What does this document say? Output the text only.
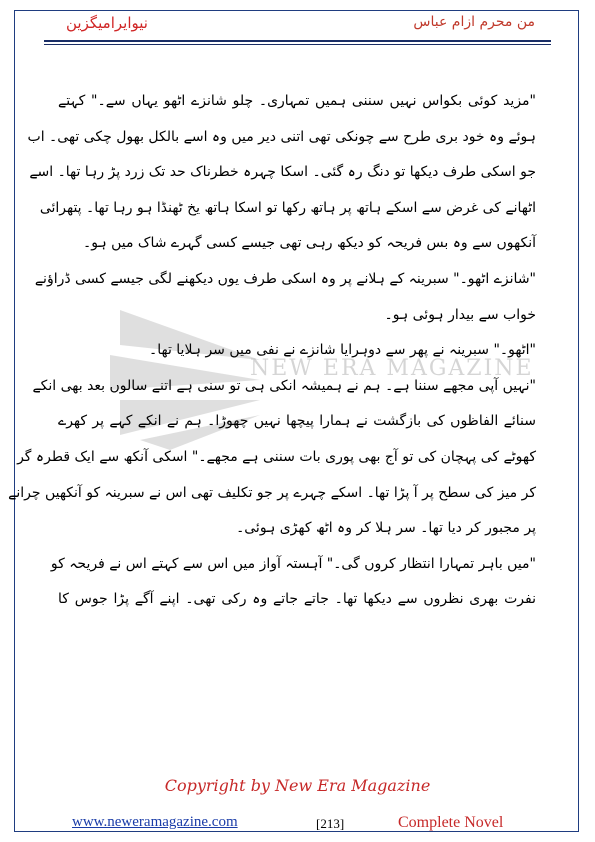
نیوایرامیگزین	من محرم ازام عباس
NEW ERA MAGAZINE
"مزید کوئی بکواس نہیں سننی ہمیں تمہاری۔ چلو شانزے اٹھو یہاں سے۔" کہتے
ہوئے وہ خود بری طرح سے چونکی تھی اتنی دیر میں وہ اسے بالکل بھول چکی تھی۔ اب
جو اسکی طرف دیکھا تو دنگ رہ گئی۔ اسکا چہرہ خطرناک حد تک زرد پڑ رہا تھا۔ اسے
اٹھانے کی غرض سے اسکے ہاتھ پر ہاتھ رکھا تو اسکا ہاتھ یخ ٹھنڈا ہو رہا تھا۔ پتھرائی
آنکھوں سے وہ بس فریحہ کو دیکھ رہی تھی جیسے کسی گہرے شاک میں ہو۔
"شانزے اٹھو۔" سبرینہ کے ہلانے پر وہ اسکی طرف یوں دیکھنے لگی جیسے کسی ڈراؤنے
خواب سے بیدار ہوئی ہو۔
"اٹھو۔" سبرینہ نے پھر سے دوہرایا شانزے نے نفی میں سر ہلایا تھا۔
"نہیں آپی مجھے سننا ہے۔ ہم نے ہمیشہ انکی ہی تو سنی ہے اتنے سالوں بعد بھی انکے
سنائے الفاظوں کی بازگشت نے ہمارا پیچھا نہیں چھوڑا۔ ہم نے انکے کہے پر کھرے
کھوٹے کی پہچان کی تو آج بھی پوری بات سننی ہے مجھے۔" اسکی آنکھ سے ایک قطرہ گر
کر میز کی سطح پر آ پڑا تھا۔ اسکے چہرے پر جو تکلیف تھی اس نے سبرینہ کو آنکھیں چرانے
پر مجبور کر دیا تھا۔ سر ہلا کر وہ اٹھ کھڑی ہوئی۔
"میں باہر تمہارا انتظار کروں گی۔" آہستہ آواز میں اس سے کہتے اس نے فریحہ کو
نفرت بھری نظروں سے دیکھا تھا۔ جاتے جاتے وہ رکی تھی۔ اپنے آگے پڑا جوس کا
Copyright by New Era Magazine
www.neweramagazine.com	[213]	Complete Novel
